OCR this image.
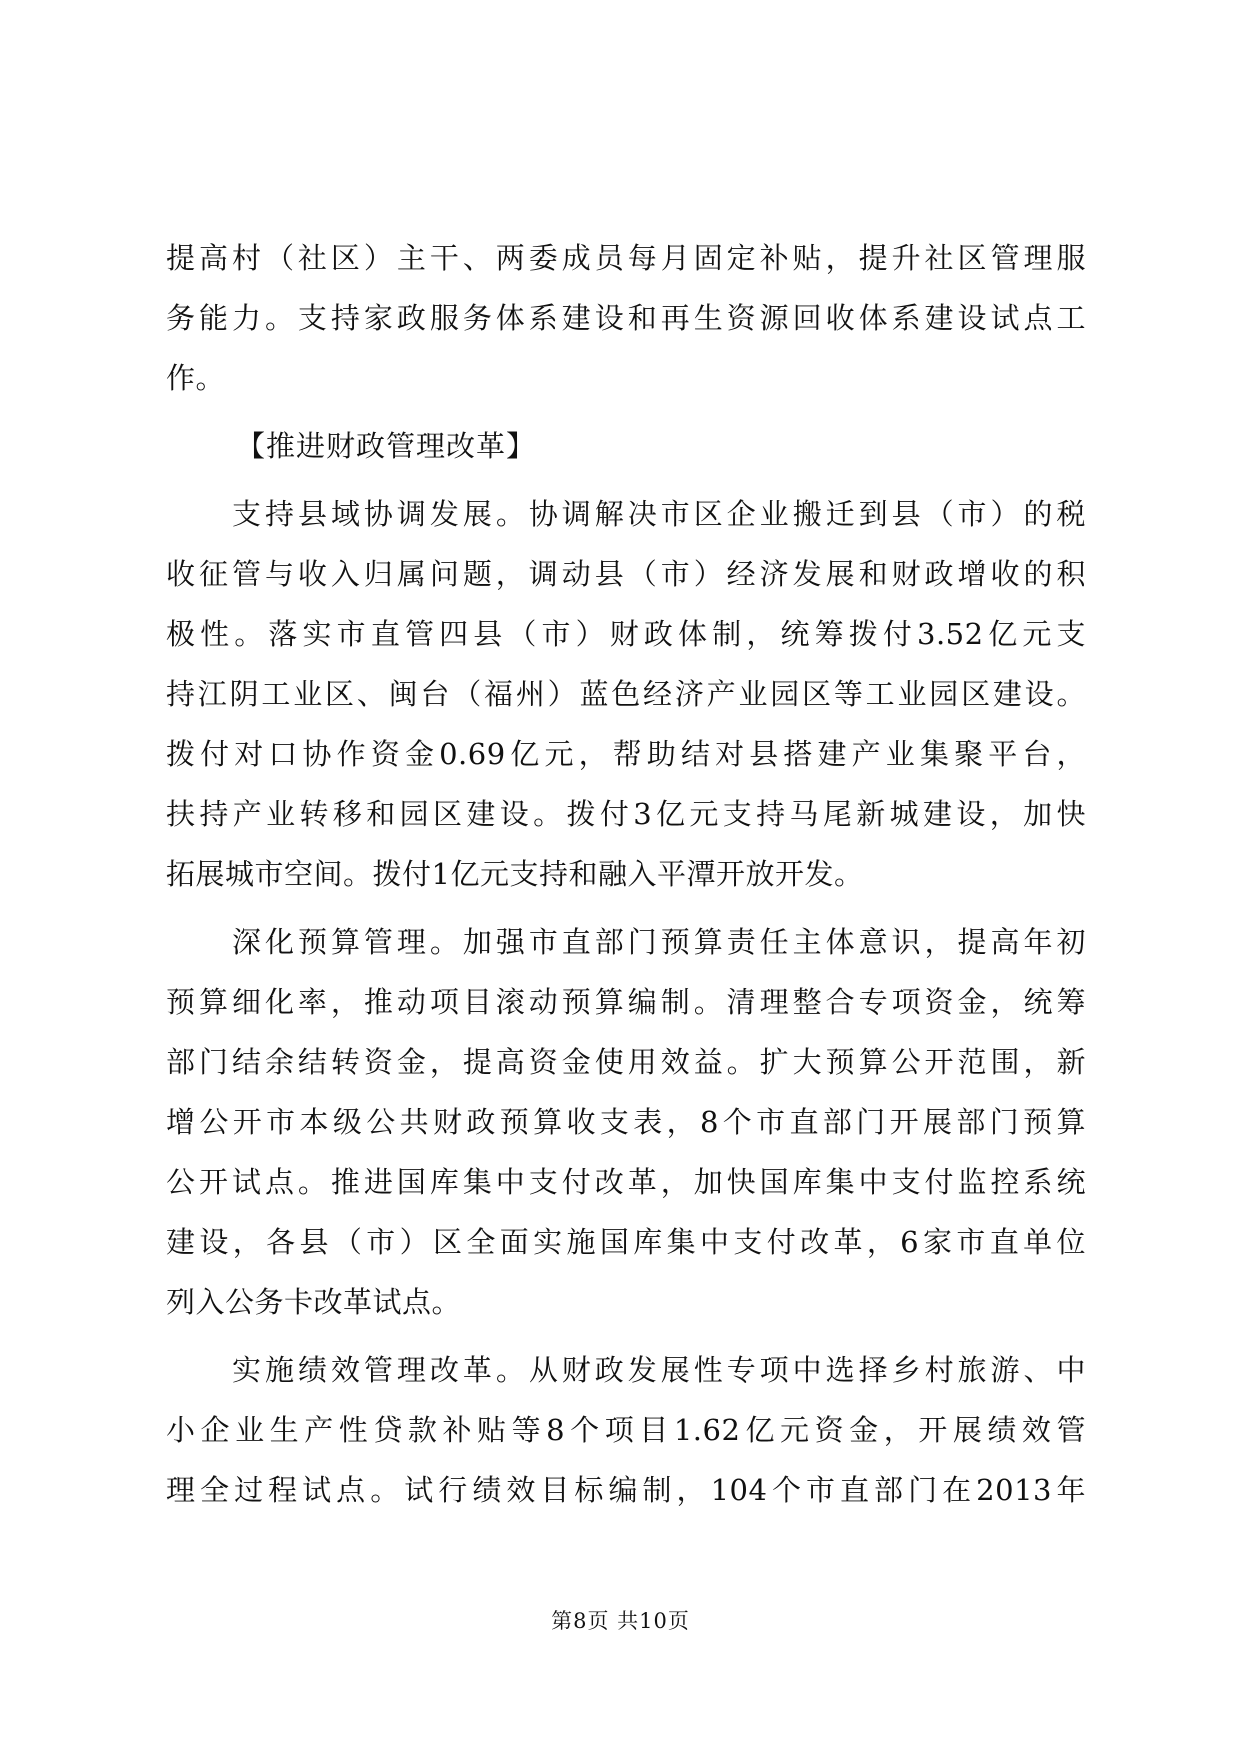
提高村（社区）主干、两委成员每月固定补贴，提升社区管理服
务能力。支持家政服务体系建设和再生资源回收体系建设试点工
作。
【推进财政管理改革】
支持县域协调发展。协调解决市区企业搬迁到县（市）的税
收征管与收入归属问题，调动县（市）经济发展和财政增收的积
极性。落实市直管四县（市）财政体制，统筹拨付3.52亿元支
持江阴工业区、闽台（福州）蓝色经济产业园区等工业园区建设。
拨付对口协作资金0.69亿元，帮助结对县搭建产业集聚平台，
扶持产业转移和园区建设。拨付3亿元支持马尾新城建设，加快
拓展城市空间。拨付1亿元支持和融入平潭开放开发。
深化预算管理。加强市直部门预算责任主体意识，提高年初
预算细化率，推动项目滚动预算编制。清理整合专项资金，统筹
部门结余结转资金，提高资金使用效益。扩大预算公开范围，新
增公开市本级公共财政预算收支表，8个市直部门开展部门预算
公开试点。推进国库集中支付改革，加快国库集中支付监控系统
建设，各县（市）区全面实施国库集中支付改革，6家市直单位
列入公务卡改革试点。
实施绩效管理改革。从财政发展性专项中选择乡村旅游、中
小企业生产性贷款补贴等8个项目1.62亿元资金，开展绩效管
理全过程试点。试行绩效目标编制，104个市直部门在2013年
第8页 共10页
